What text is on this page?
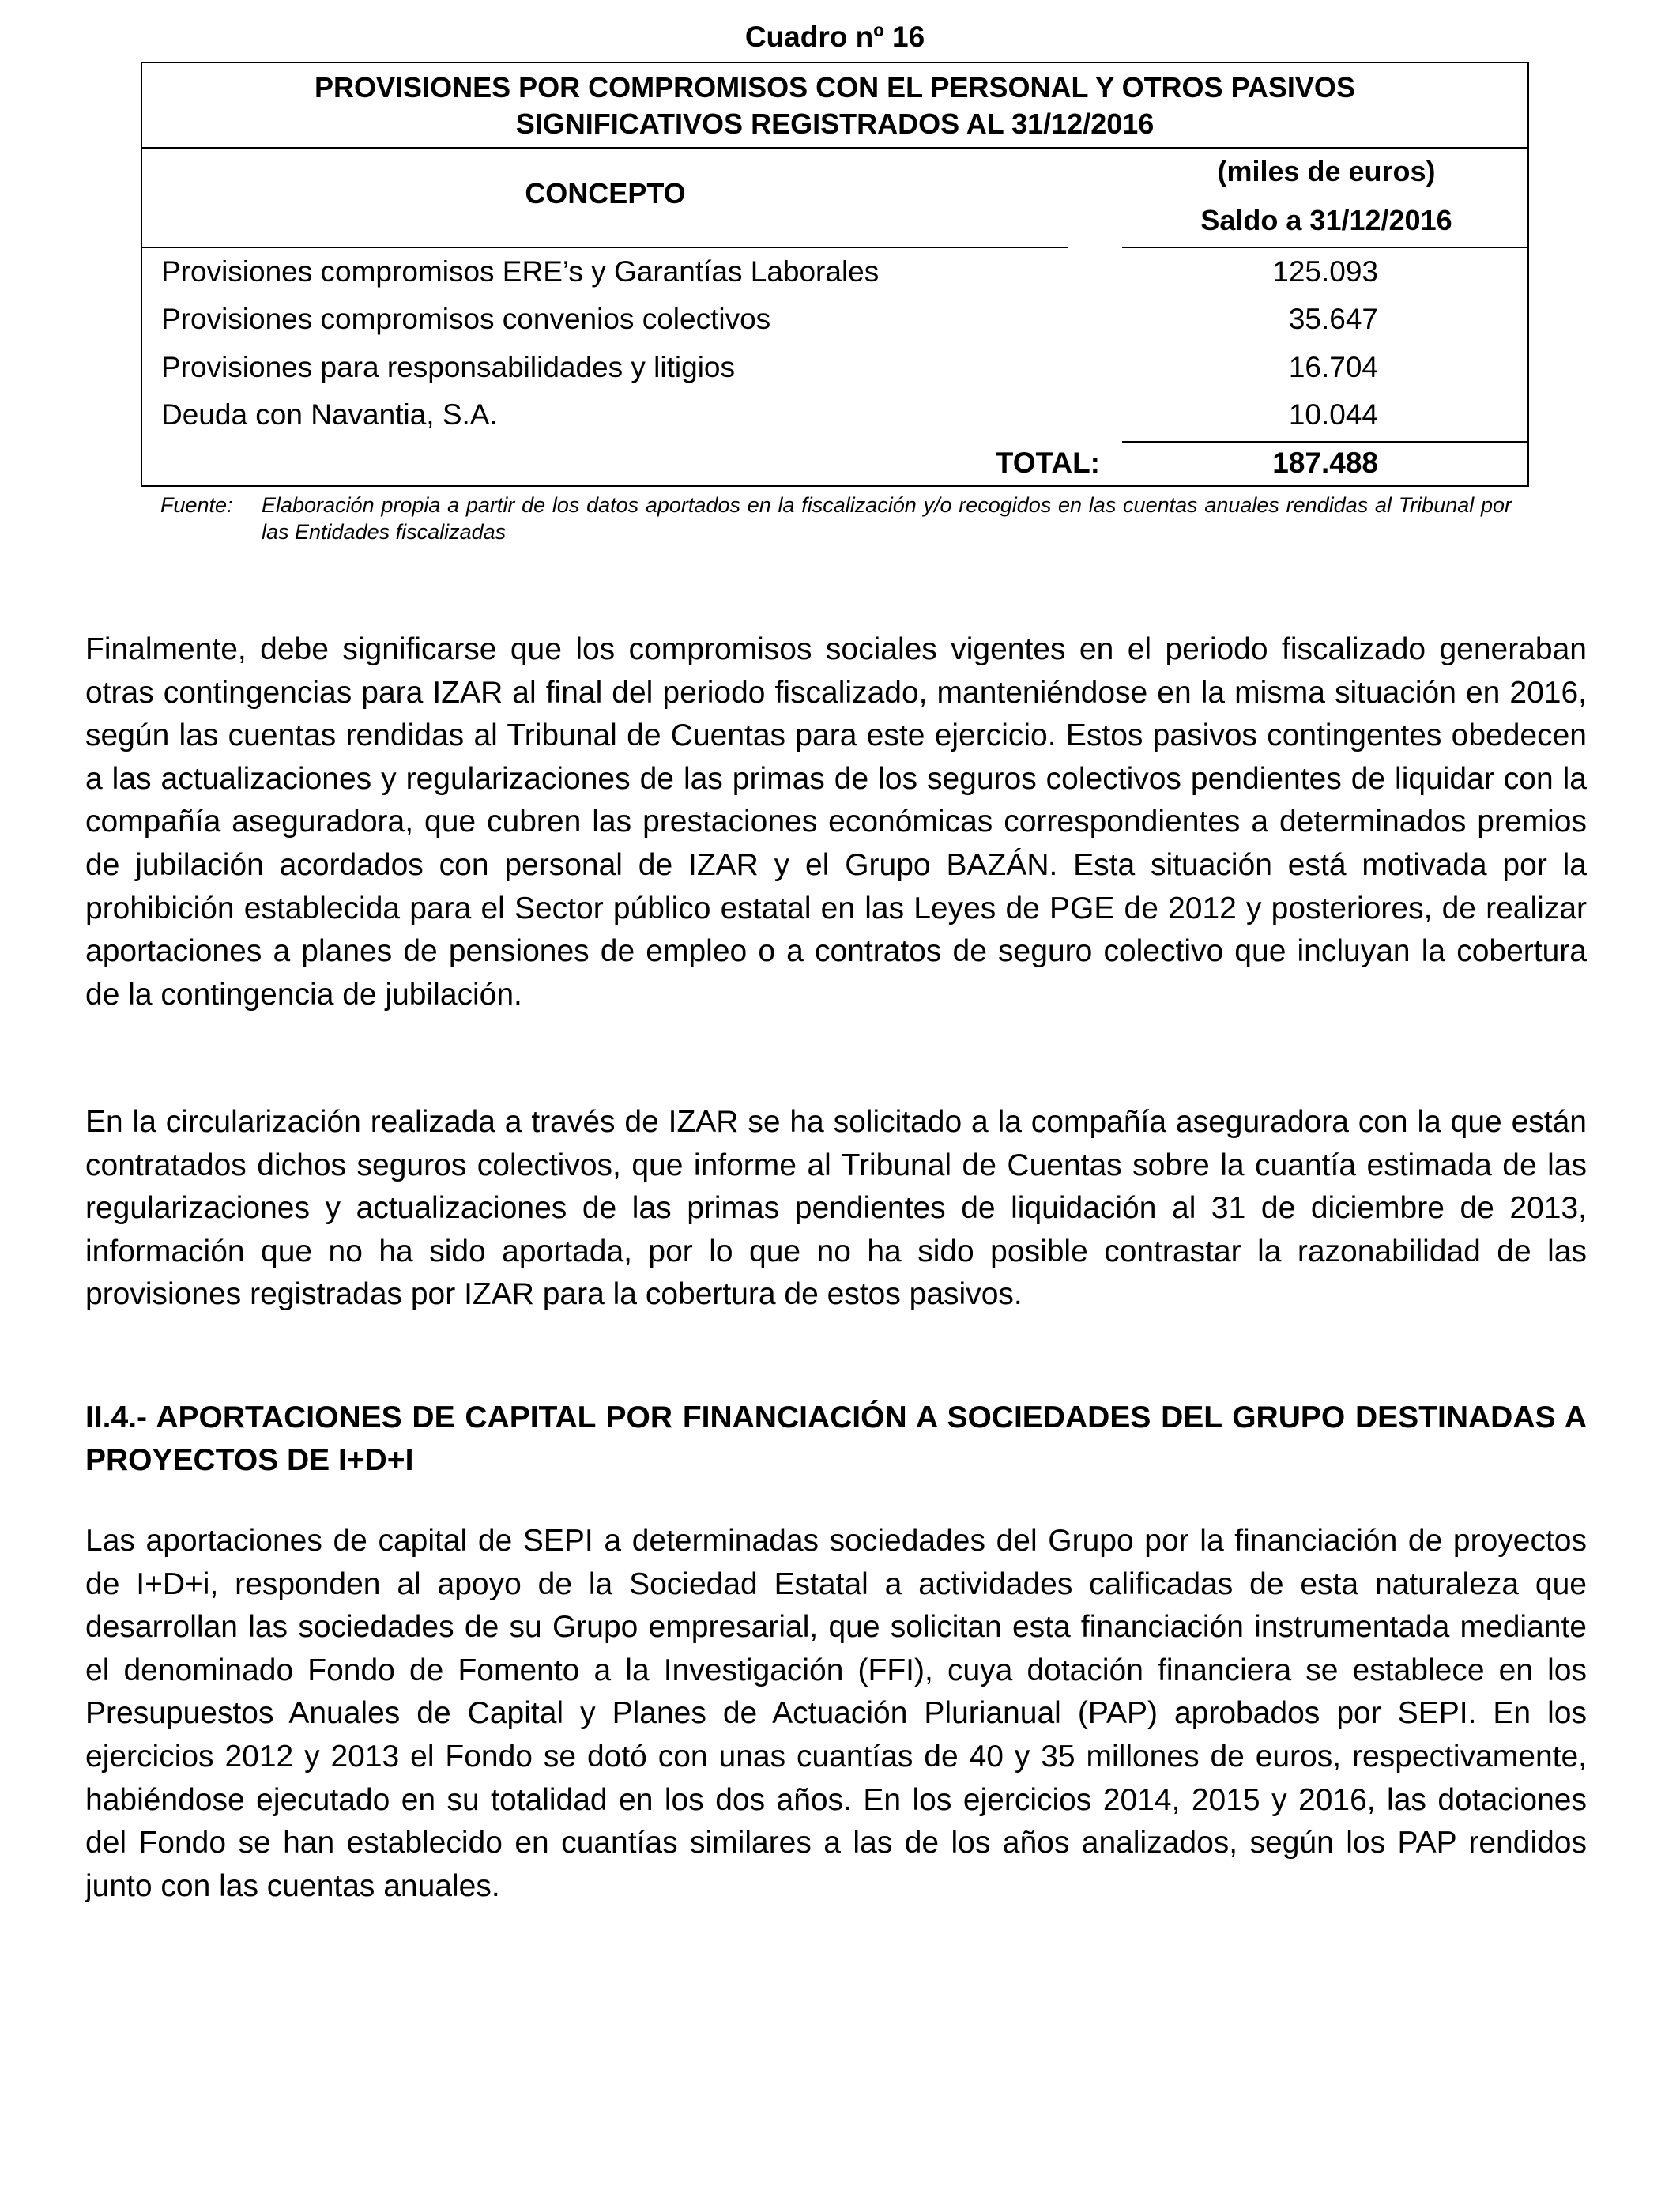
Cuadro nº 16
PROVISIONES POR COMPROMISOS CON EL PERSONAL Y OTROS PASIVOS
SIGNIFICATIVOS REGISTRADOS AL 31/12/2016
CONCEPTO
(miles de euros)
Saldo a 31/12/2016
Provisiones compromisos ERE’s y Garantías Laborales	125.093
Provisiones compromisos convenios colectivos	35.647
Provisiones para responsabilidades y litigios	16.704
Deuda con Navantia, S.A.	10.044
TOTAL:	187.488
Fuente:	Elaboración propia a partir de los datos aportados en la fiscalización y/o recogidos en las cuentas anuales rendidas al Tribunal por las Entidades fiscalizadas

Finalmente, debe significarse que los compromisos sociales vigentes en el periodo fiscalizado generaban otras contingencias para IZAR al final del periodo fiscalizado, manteniéndose en la misma situación en 2016, según las cuentas rendidas al Tribunal de Cuentas para este ejercicio. Estos pasivos contingentes obedecen a las actualizaciones y regularizaciones de las primas de los seguros colectivos pendientes de liquidar con la compañía aseguradora, que cubren las prestaciones económicas correspondientes a determinados premios de jubilación acordados con personal de IZAR y el Grupo BAZÁN. Esta situación está motivada por la prohibición establecida para el Sector público estatal en las Leyes de PGE de 2012 y posteriores, de realizar aportaciones a planes de pensiones de empleo o a contratos de seguro colectivo que incluyan la cobertura de la contingencia de jubilación.

En la circularización realizada a través de IZAR se ha solicitado a la compañía aseguradora con la que están contratados dichos seguros colectivos, que informe al Tribunal de Cuentas sobre la cuantía estimada de las regularizaciones y actualizaciones de las primas pendientes de liquidación al 31 de diciembre de 2013, información que no ha sido aportada, por lo que no ha sido posible contrastar la razonabilidad de las provisiones registradas por IZAR para la cobertura de estos pasivos.

II.4.- APORTACIONES DE CAPITAL POR FINANCIACIÓN A SOCIEDADES DEL GRUPO DESTINADAS A PROYECTOS DE I+D+I

Las aportaciones de capital de SEPI a determinadas sociedades del Grupo por la financiación de proyectos de I+D+i, responden al apoyo de la Sociedad Estatal a actividades calificadas de esta naturaleza que desarrollan las sociedades de su Grupo empresarial, que solicitan esta financiación instrumentada mediante el denominado Fondo de Fomento a la Investigación (FFI), cuya dotación financiera se establece en los Presupuestos Anuales de Capital y Planes de Actuación Plurianual (PAP) aprobados por SEPI. En los ejercicios 2012 y 2013 el Fondo se dotó con unas cuantías de 40 y 35 millones de euros, respectivamente, habiéndose ejecutado en su totalidad en los dos años. En los ejercicios 2014, 2015 y 2016, las dotaciones del Fondo se han establecido en cuantías similares a las de los años analizados, según los PAP rendidos junto con las cuentas anuales.
